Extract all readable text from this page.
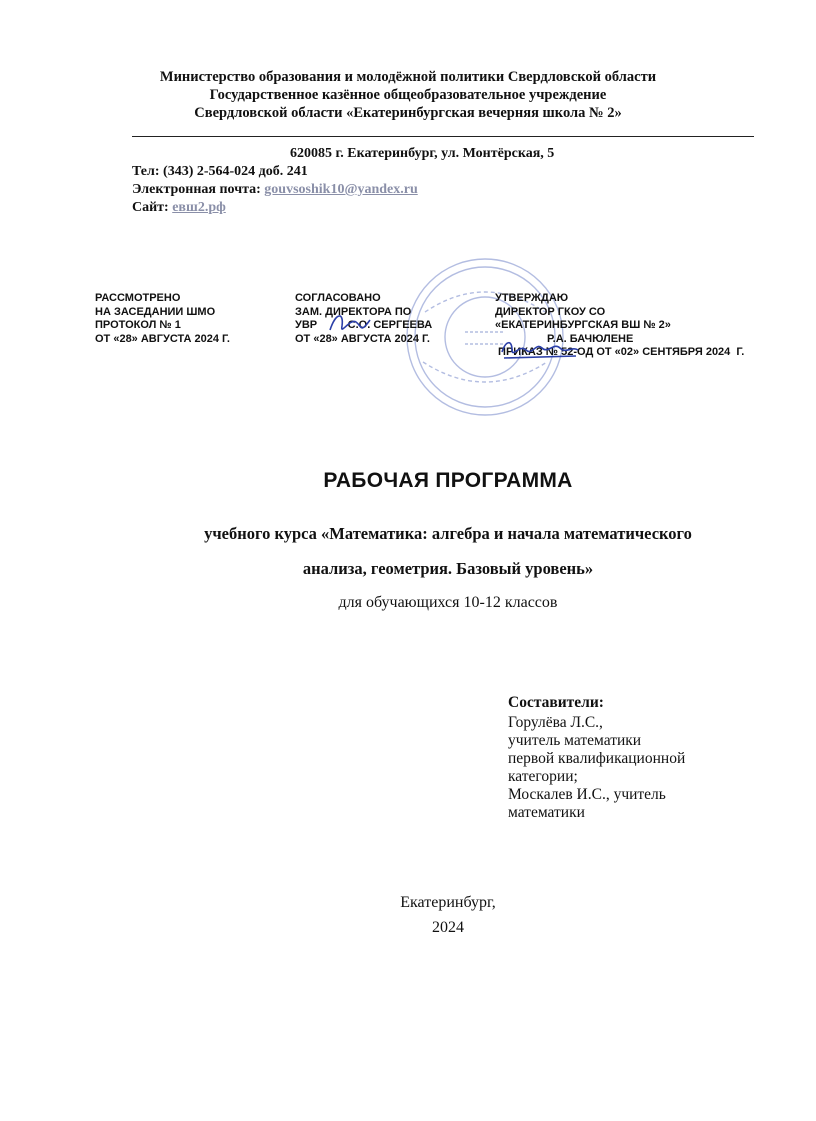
Министерство образования и молодёжной политики Свердловской области
Государственное казённое общеобразовательное учреждение
Свердловской области «Екатеринбургская вечерняя школа № 2»
620085 г. Екатеринбург, ул. Монтёрская, 5
Тел: (343) 2-564-024 доб. 241
Электронная почта: gouvsoshik10@yandex.ru
Сайт: евш2.рф
РАССМОТРЕНО
НА ЗАСЕДАНИИ ШМО
ПРОТОКОЛ № 1
ОТ «28» АВГУСТА 2024 Г.
СОГЛАСОВАНО
ЗАМ. ДИРЕКТОРА ПО
УВР          С.О. СЕРГЕЕВА
ОТ «28» АВГУСТА 2024 Г.
УТВЕРЖДАЮ
ДИРЕКТОР ГКОУ СО
«ЕКАТЕРИНБУРГСКАЯ ВШ № 2»
Р.А. БАЧЮЛЕНЕ
ПРИКАЗ № 52-ОД ОТ «02» СЕНТЯБРЯ 2024  Г.
РАБОЧАЯ ПРОГРАММА
учебного курса «Математика: алгебра и начала математического
анализа, геометрия. Базовый уровень»
для обучающихся 10-12 классов
Составители:
Горулёва Л.С.,
учитель математики
первой квалификационной
категории;
Москалев И.С., учитель
математики
Екатеринбург,
2024
